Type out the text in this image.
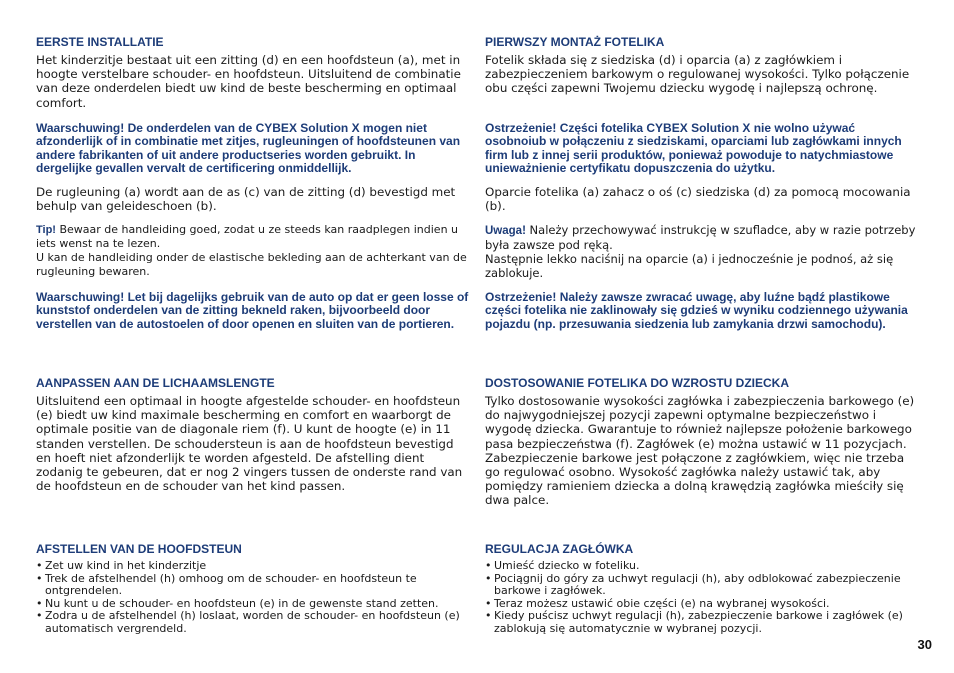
EERSTE INSTALLATIE
Het kinderzitje bestaat uit een zitting (d) en een hoofdsteun (a), met in hoogte verstelbare schouder- en hoofdsteun. Uitsluitend de combinatie van deze onderdelen biedt uw kind de beste bescherming en optimaal comfort.
Waarschuwing! De onderdelen van de CYBEX Solution X mogen niet afzonderlijk of in combinatie met zitjes, rugleuningen of hoofdsteunen van andere fabrikanten of uit andere productseries worden gebruikt. In dergelijke gevallen vervalt de certificering onmiddellijk.
De rugleuning (a) wordt aan de as (c) van de zitting (d) bevestigd met behulp van geleideschoen (b).
Tip! Bewaar de handleiding goed, zodat u ze steeds kan raadplegen indien u iets wenst na te lezen.
U kan de handleiding onder de elastische bekleding aan de achterkant van de rugleuning bewaren.
Waarschuwing! Let bij dagelijks gebruik van de auto op dat er geen losse of kunststof onderdelen van de zitting bekneld raken, bijvoorbeeld door verstellen van de autostoelen of door openen en sluiten van de portieren.
AANPASSEN AAN DE LICHAAMSLENGTE
Uitsluitend een optimaal in hoogte afgestelde schouder- en hoofdsteun (e) biedt uw kind maximale bescherming en comfort en waarborgt de optimale positie van de diagonale riem (f). U kunt de hoogte (e) in 11 standen verstellen. De schoudersteun is aan de hoofdsteun bevestigd en hoeft niet afzonderlijk te worden afgesteld. De afstelling dient zodanig te gebeuren, dat er nog 2 vingers tussen de onderste rand van de hoofdsteun en de schouder van het kind passen.
AFSTELLEN VAN DE HOOFDSTEUN
• Zet uw kind in het kinderzitje
• Trek de afstelhendel (h) omhoog om de schouder- en hoofdsteun te ontgrendelen.
• Nu kunt u de schouder- en hoofdsteun (e) in de gewenste stand zetten.
• Zodra u de afstelhendel (h) loslaat, worden de schouder- en hoofdsteun (e) automatisch vergrendeld.
PIERWSZY MONTAŻ FOTELIKA
Fotelik składa się z siedziska (d) i oparcia (a) z zagłówkiem i zabezpieczeniem barkowym o regulowanej wysokości. Tylko połączenie obu części zapewni Twojemu dziecku wygodę i najlepszą ochronę.
Ostrzeżenie! Części fotelika CYBEX Solution X nie wolno używać osobnoiub w połączeniu z siedziskami, oparciami lub zagłówkami innych firm lub z innej serii produktów, ponieważ powoduje to natychmiastowe unieważnienie certyfikatu dopuszczenia do użytku.
Oparcie fotelika (a) zahacz o oś (c) siedziska (d) za pomocą mocowania (b).
Uwaga! Należy przechowywać instrukcję w szufladce, aby w razie potrzeby była zawsze pod ręką.
Następnie lekko naciśnij na oparcie (a) i jednocześnie je podnoś, aż się zablokuje.
Ostrzeżenie! Należy zawsze zwracać uwagę, aby luźne bądź plastikowe części fotelika nie zaklinowały się gdzieś w wyniku codziennego używania pojazdu (np. przesuwania siedzenia lub zamykania drzwi samochodu).
DOSTOSOWANIE FOTELIKA DO WZROSTU DZIECKA
Tylko dostosowanie wysokości zagłówka i zabezpieczenia barkowego (e) do najwygodniejszej pozycji zapewni optymalne bezpieczeństwo i wygodę dziecka. Gwarantuje to również najlepsze położenie barkowego pasa bezpieczeństwa (f). Zagłówek (e) można ustawić w 11 pozycjach. Zabezpieczenie barkowe jest połączone z zagłówkiem, więc nie trzeba go regulować osobno. Wysokość zagłówka należy ustawić tak, aby pomiędzy ramieniem dziecka a dolną krawędzią zagłówka mieściły się dwa palce.
REGULACJA ZAGŁÓWKA
• Umieść dziecko w foteliku.
• Pociągnij do góry za uchwyt regulacji (h), aby odblokować zabezpieczenie barkowe i zagłówek.
• Teraz możesz ustawić obie części (e) na wybranej wysokości.
• Kiedy puścisz uchwyt regulacji (h), zabezpieczenie barkowe i zagłówek (e) zablokują się automatycznie w wybranej pozycji.
30
